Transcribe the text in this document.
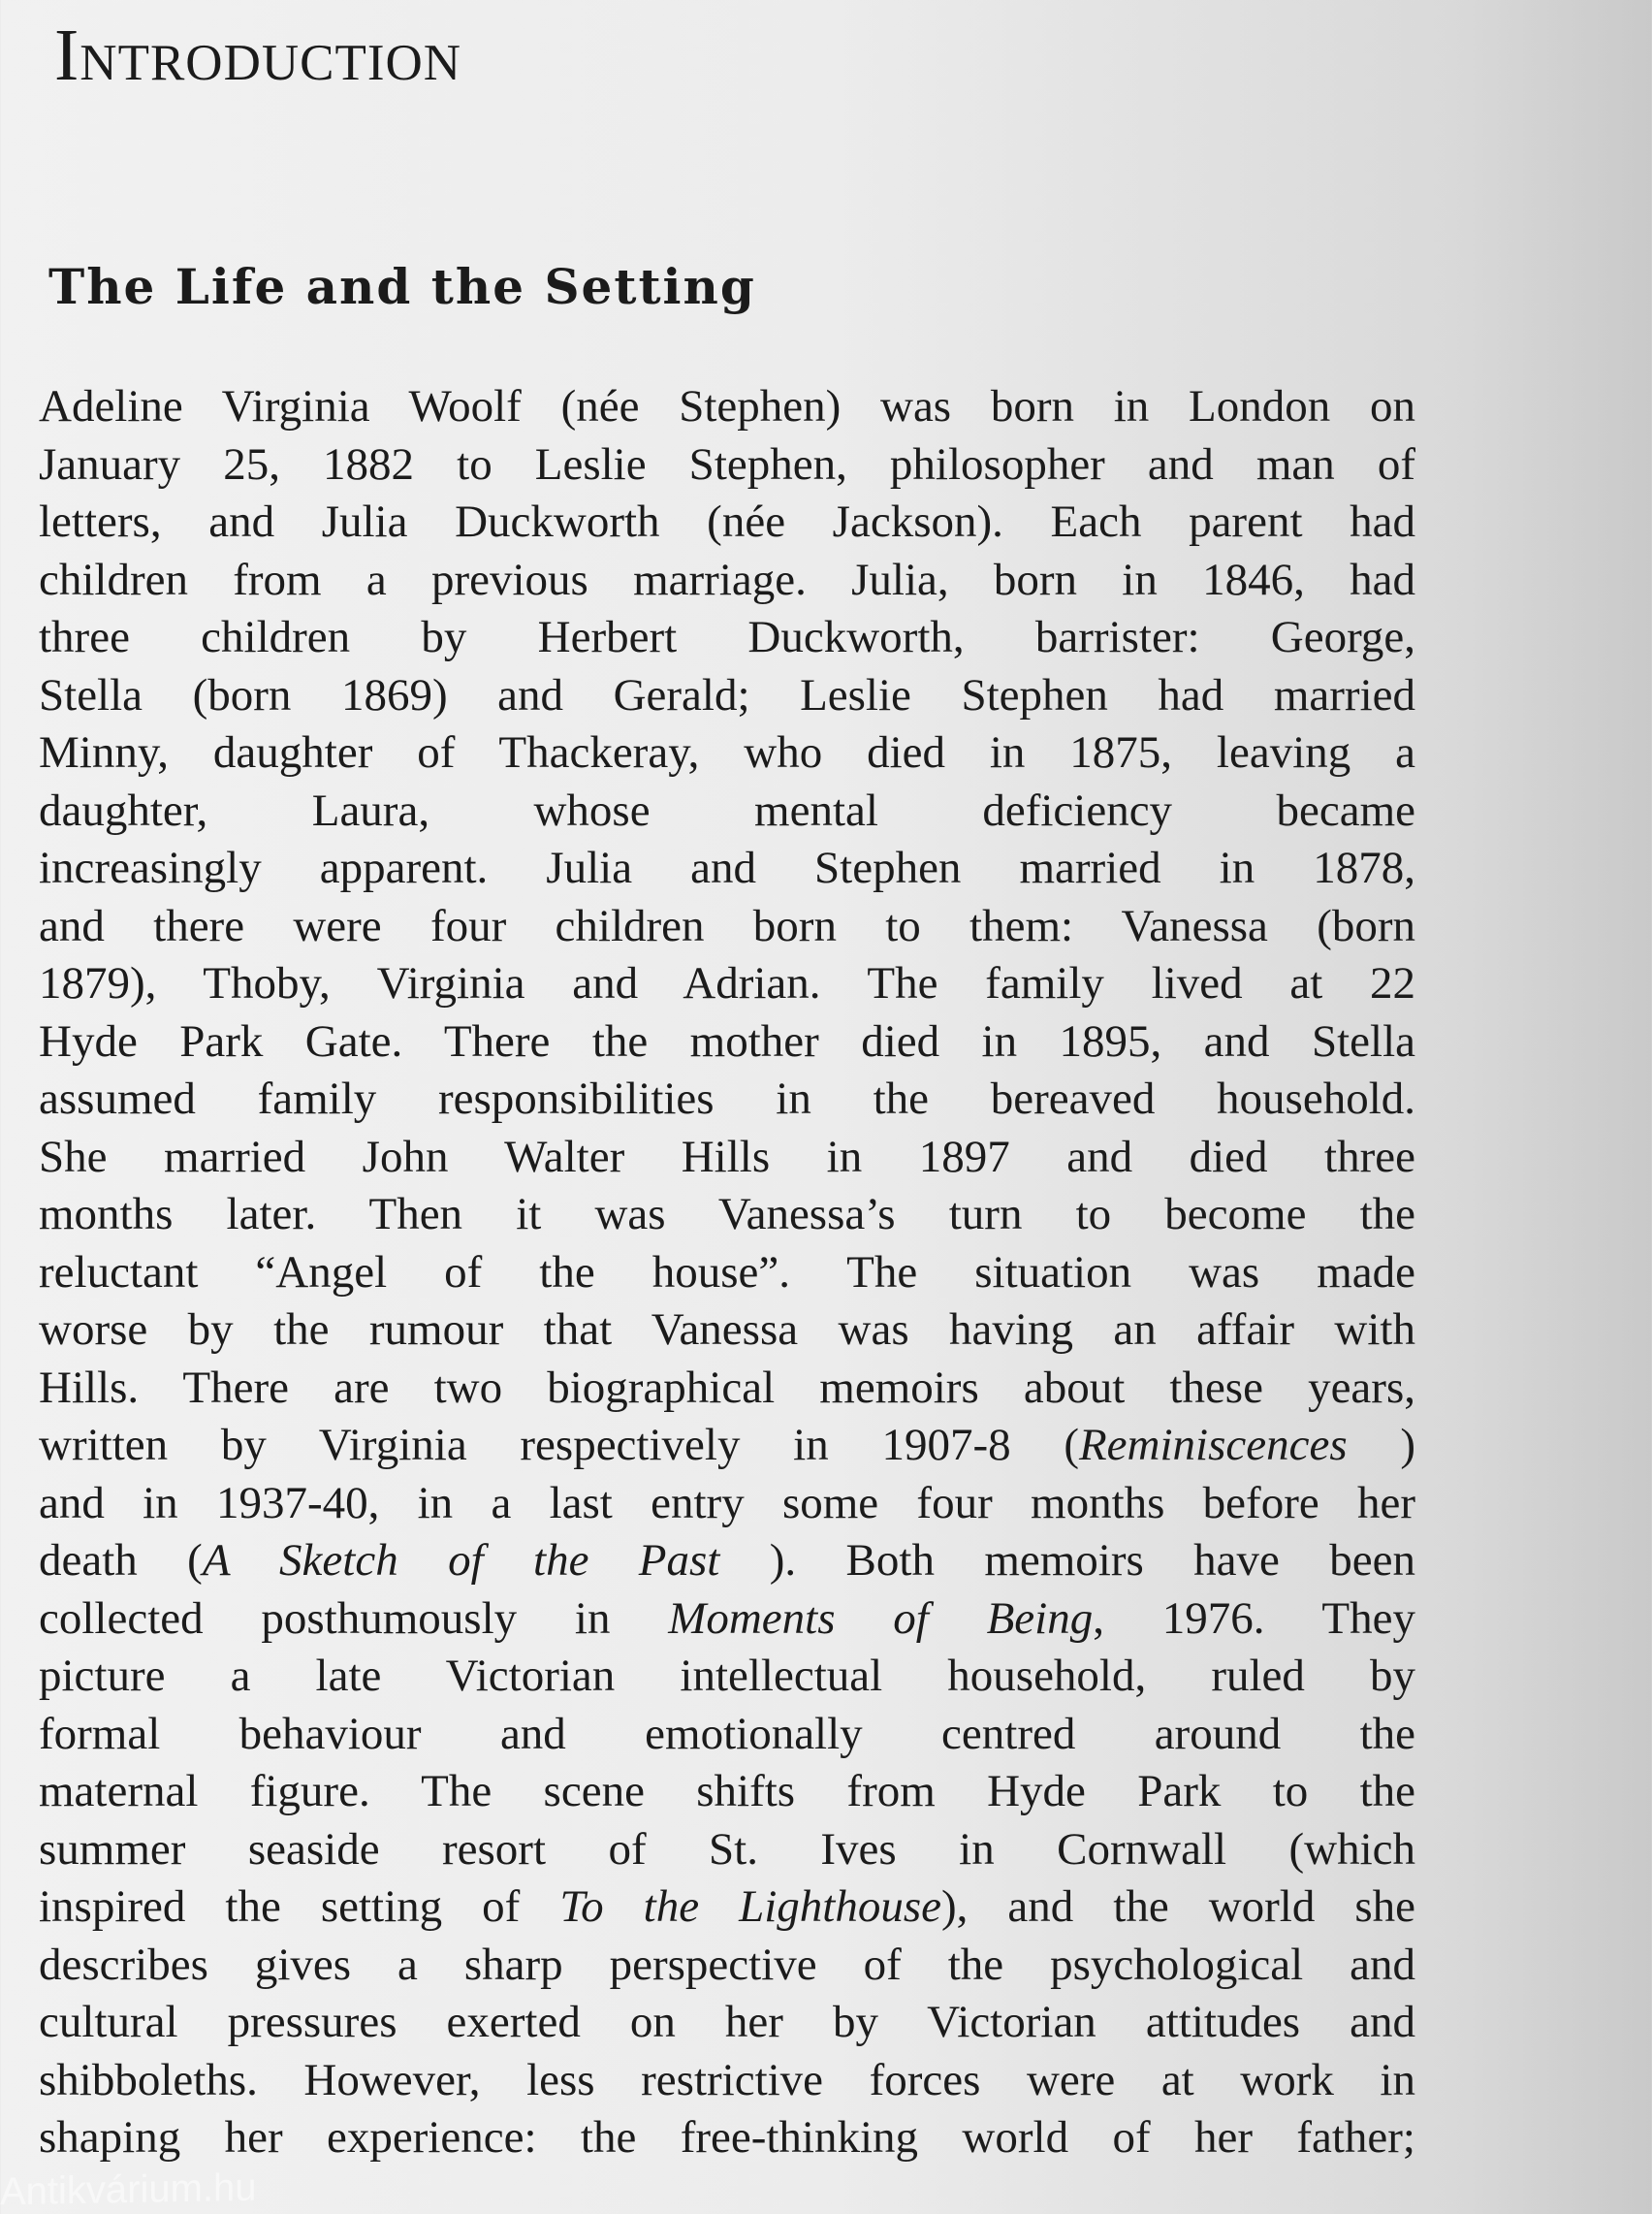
Introduction
The Life and the Setting
Adeline Virginia Woolf (née Stephen) was born in London on
January 25, 1882 to Leslie Stephen, philosopher and man of
letters, and Julia Duckworth (née Jackson). Each parent had
children from a previous marriage. Julia, born in 1846, had
three children by Herbert Duckworth, barrister: George,
Stella (born 1869) and Gerald; Leslie Stephen had married
Minny, daughter of Thackeray, who died in 1875, leaving a
daughter, Laura, whose mental deficiency became
increasingly apparent. Julia and Stephen married in 1878,
and there were four children born to them: Vanessa (born
1879), Thoby, Virginia and Adrian. The family lived at 22
Hyde Park Gate. There the mother died in 1895, and Stella
assumed family responsibilities in the bereaved household.
She married John Walter Hills in 1897 and died three
months later. Then it was Vanessa’s turn to become the
reluctant “Angel of the house”. The situation was made
worse by the rumour that Vanessa was having an affair with
Hills. There are two biographical memoirs about these years,
written by Virginia respectively in 1907-8 (Reminiscences )
and in 1937-40, in a last entry some four months before her
death (A Sketch of the Past ). Both memoirs have been
collected posthumously in Moments of Being, 1976. They
picture a late Victorian intellectual household, ruled by
formal behaviour and emotionally centred around the
maternal figure. The scene shifts from Hyde Park to the
summer seaside resort of St. Ives in Cornwall (which
inspired the setting of To the Lighthouse), and the world she
describes gives a sharp perspective of the psychological and
cultural pressures exerted on her by Victorian attitudes and
shibboleths. However, less restrictive forces were at work in
shaping her experience: the free-thinking world of her father;
Antikvárium.hu
